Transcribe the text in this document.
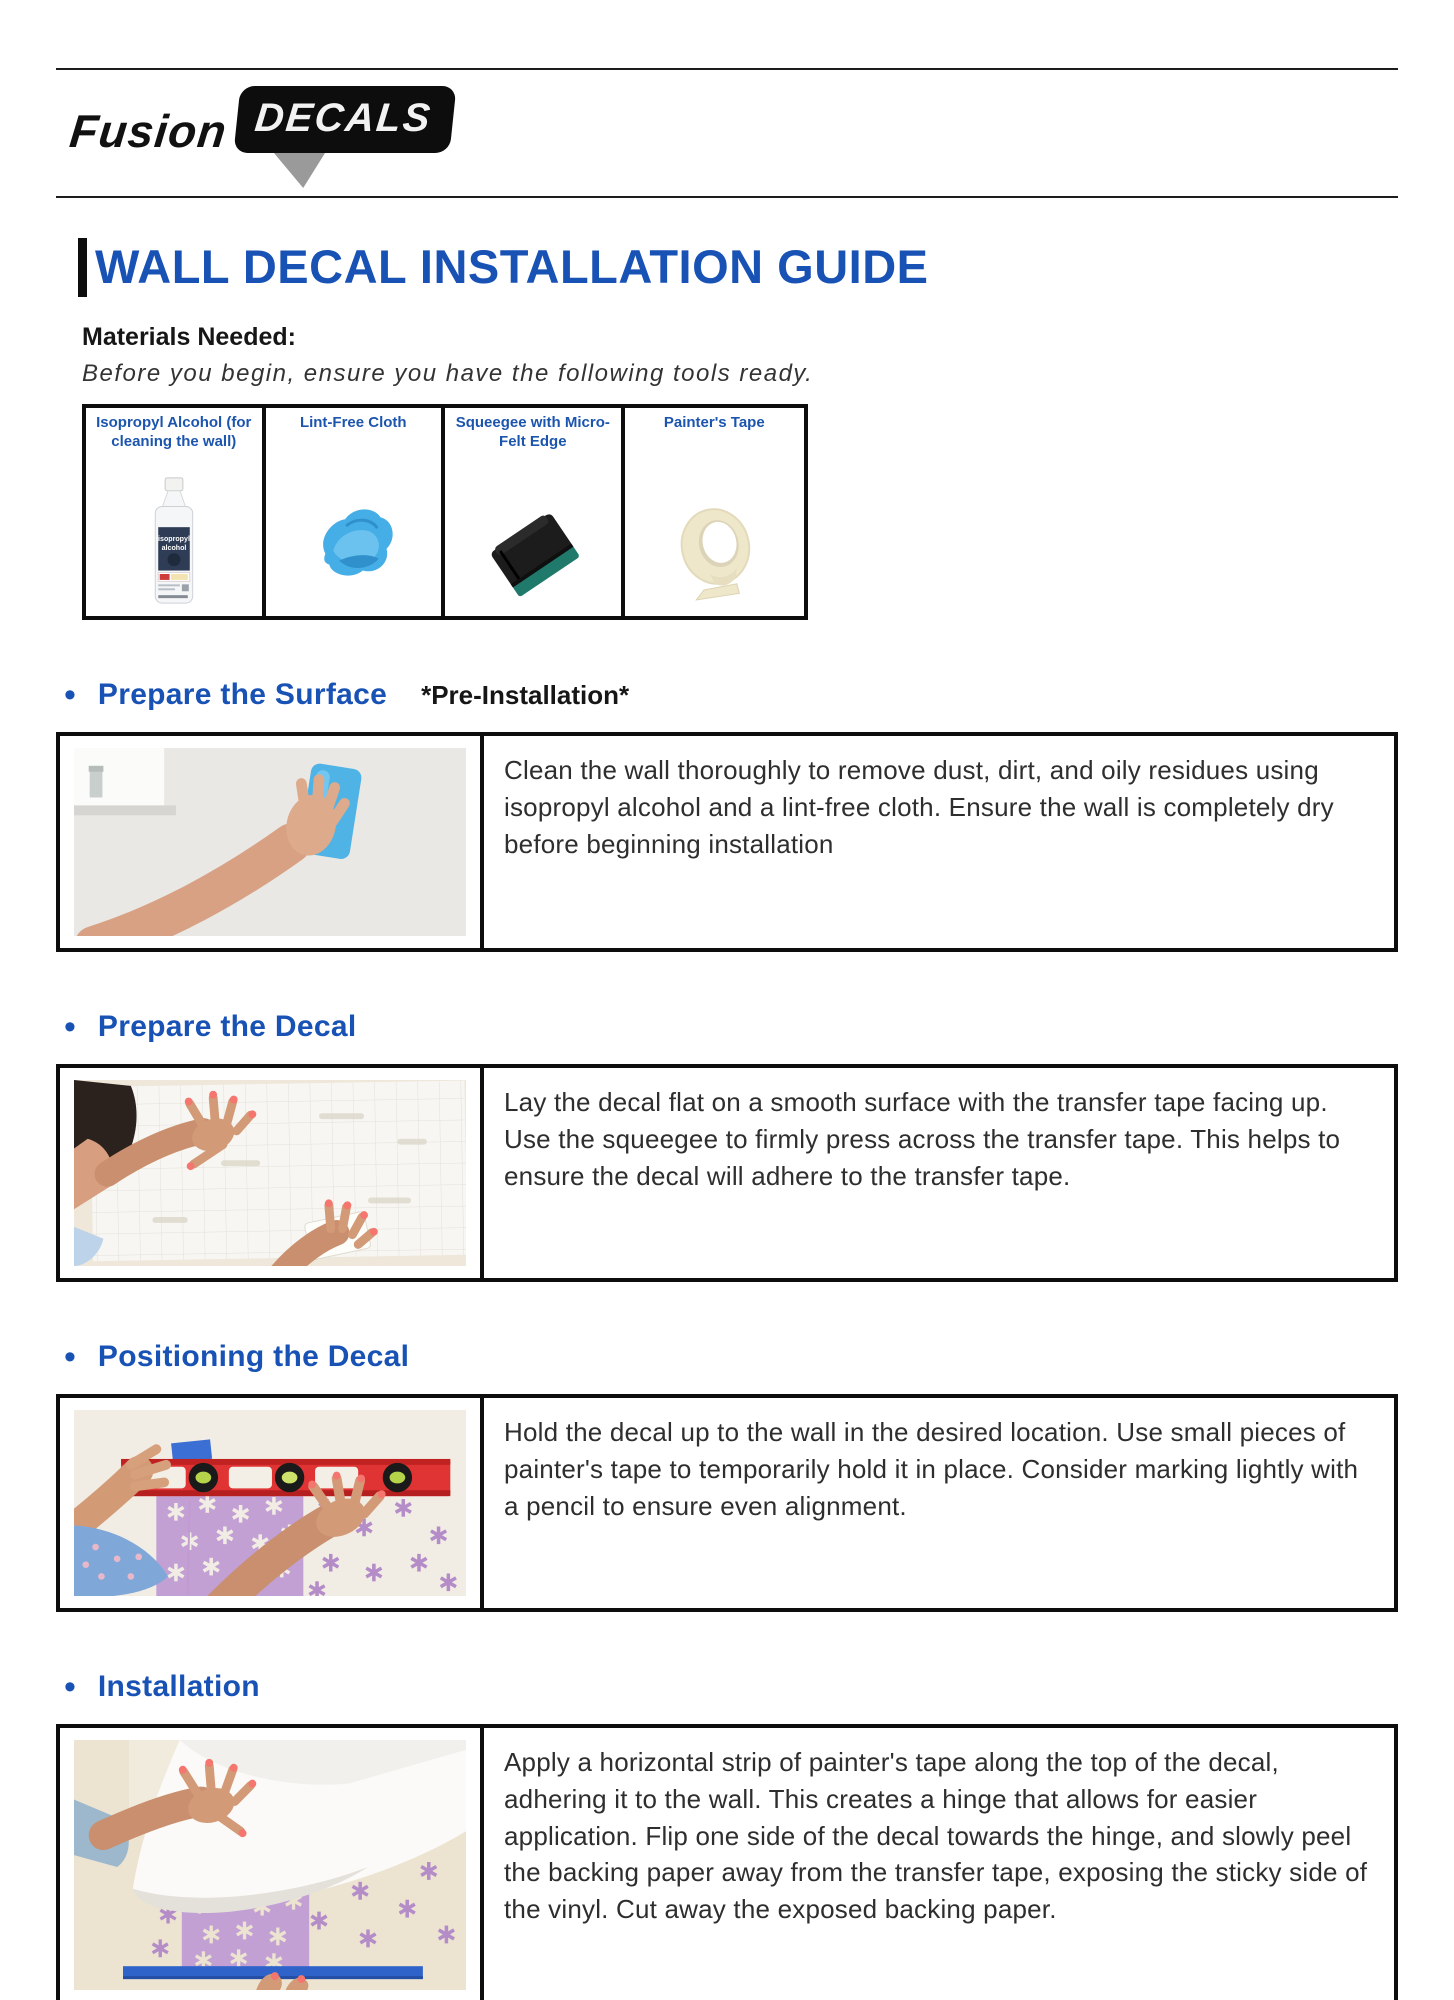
Fusion DECALS
WALL DECAL INSTALLATION GUIDE
Materials Needed:
Before you begin, ensure you have the following tools ready.
Isopropyl Alcohol (for cleaning the wall)
isopropyl
alcohol
Lint-Free Cloth	Squeegee with Micro-Felt Edge
Painter's Tape
• Prepare the Surface *Pre-Installation*
Clean the wall thoroughly to remove dust, dirt, and oily residues using isopropyl alcohol and a lint-free cloth. Ensure the wall is completely dry before beginning installation
• Prepare the Decal
Lay the decal flat on a smooth surface with the transfer tape facing up. Use the squeegee to firmly press across the transfer tape. This helps to ensure the decal will adhere to the transfer tape.
• Positioning the Decal
Hold the decal up to the wall in the desired location. Use small pieces of painter's tape to temporarily hold it in place. Consider marking lightly with a pencil to ensure even alignment.
• Installation
Apply a horizontal strip of painter's tape along the top of the decal, adhering it to the wall. This creates a hinge that allows for easier application. Flip one side of the decal towards the hinge, and slowly peel the backing paper away from the transfer tape, exposing the sticky side of the vinyl. Cut away the exposed backing paper.
